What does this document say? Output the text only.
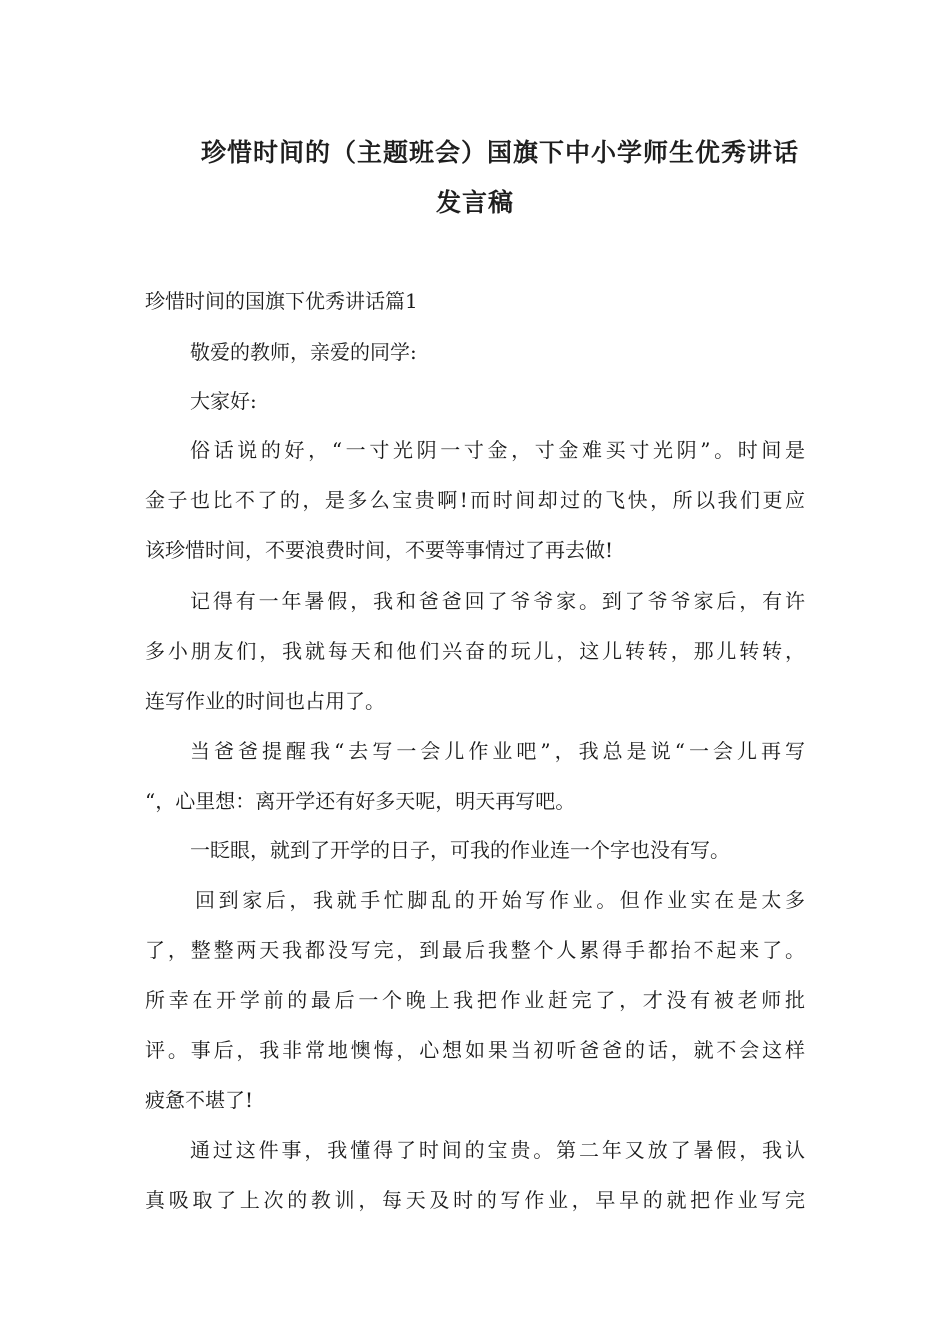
珍惜时间的（主题班会）国旗下中小学师生优秀讲话
发言稿
珍惜时间的国旗下优秀讲话篇1
敬爱的教师，亲爱的同学:
大家好:
俗话说的好，“一寸光阴一寸金，寸金难买寸光阴”。时间是
金子也比不了的，是多么宝贵啊!而时间却过的飞快，所以我们更应
该珍惜时间，不要浪费时间，不要等事情过了再去做!
记得有一年暑假，我和爸爸回了爷爷家。到了爷爷家后，有许
多小朋友们，我就每天和他们兴奋的玩儿，这儿转转，那儿转转，
连写作业的时间也占用了。
当爸爸提醒我“去写一会儿作业吧”，我总是说“一会儿再写
“，心里想：离开学还有好多天呢，明天再写吧。
一眨眼，就到了开学的日子，可我的作业连一个字也没有写。
回到家后，我就手忙脚乱的开始写作业。但作业实在是太多
了，整整两天我都没写完，到最后我整个人累得手都抬不起来了。
所幸在开学前的最后一个晚上我把作业赶完了，才没有被老师批
评。事后，我非常地懊悔，心想如果当初听爸爸的话，就不会这样
疲惫不堪了!
通过这件事，我懂得了时间的宝贵。第二年又放了暑假，我认
真吸取了上次的教训，每天及时的写作业，早早的就把作业写完
